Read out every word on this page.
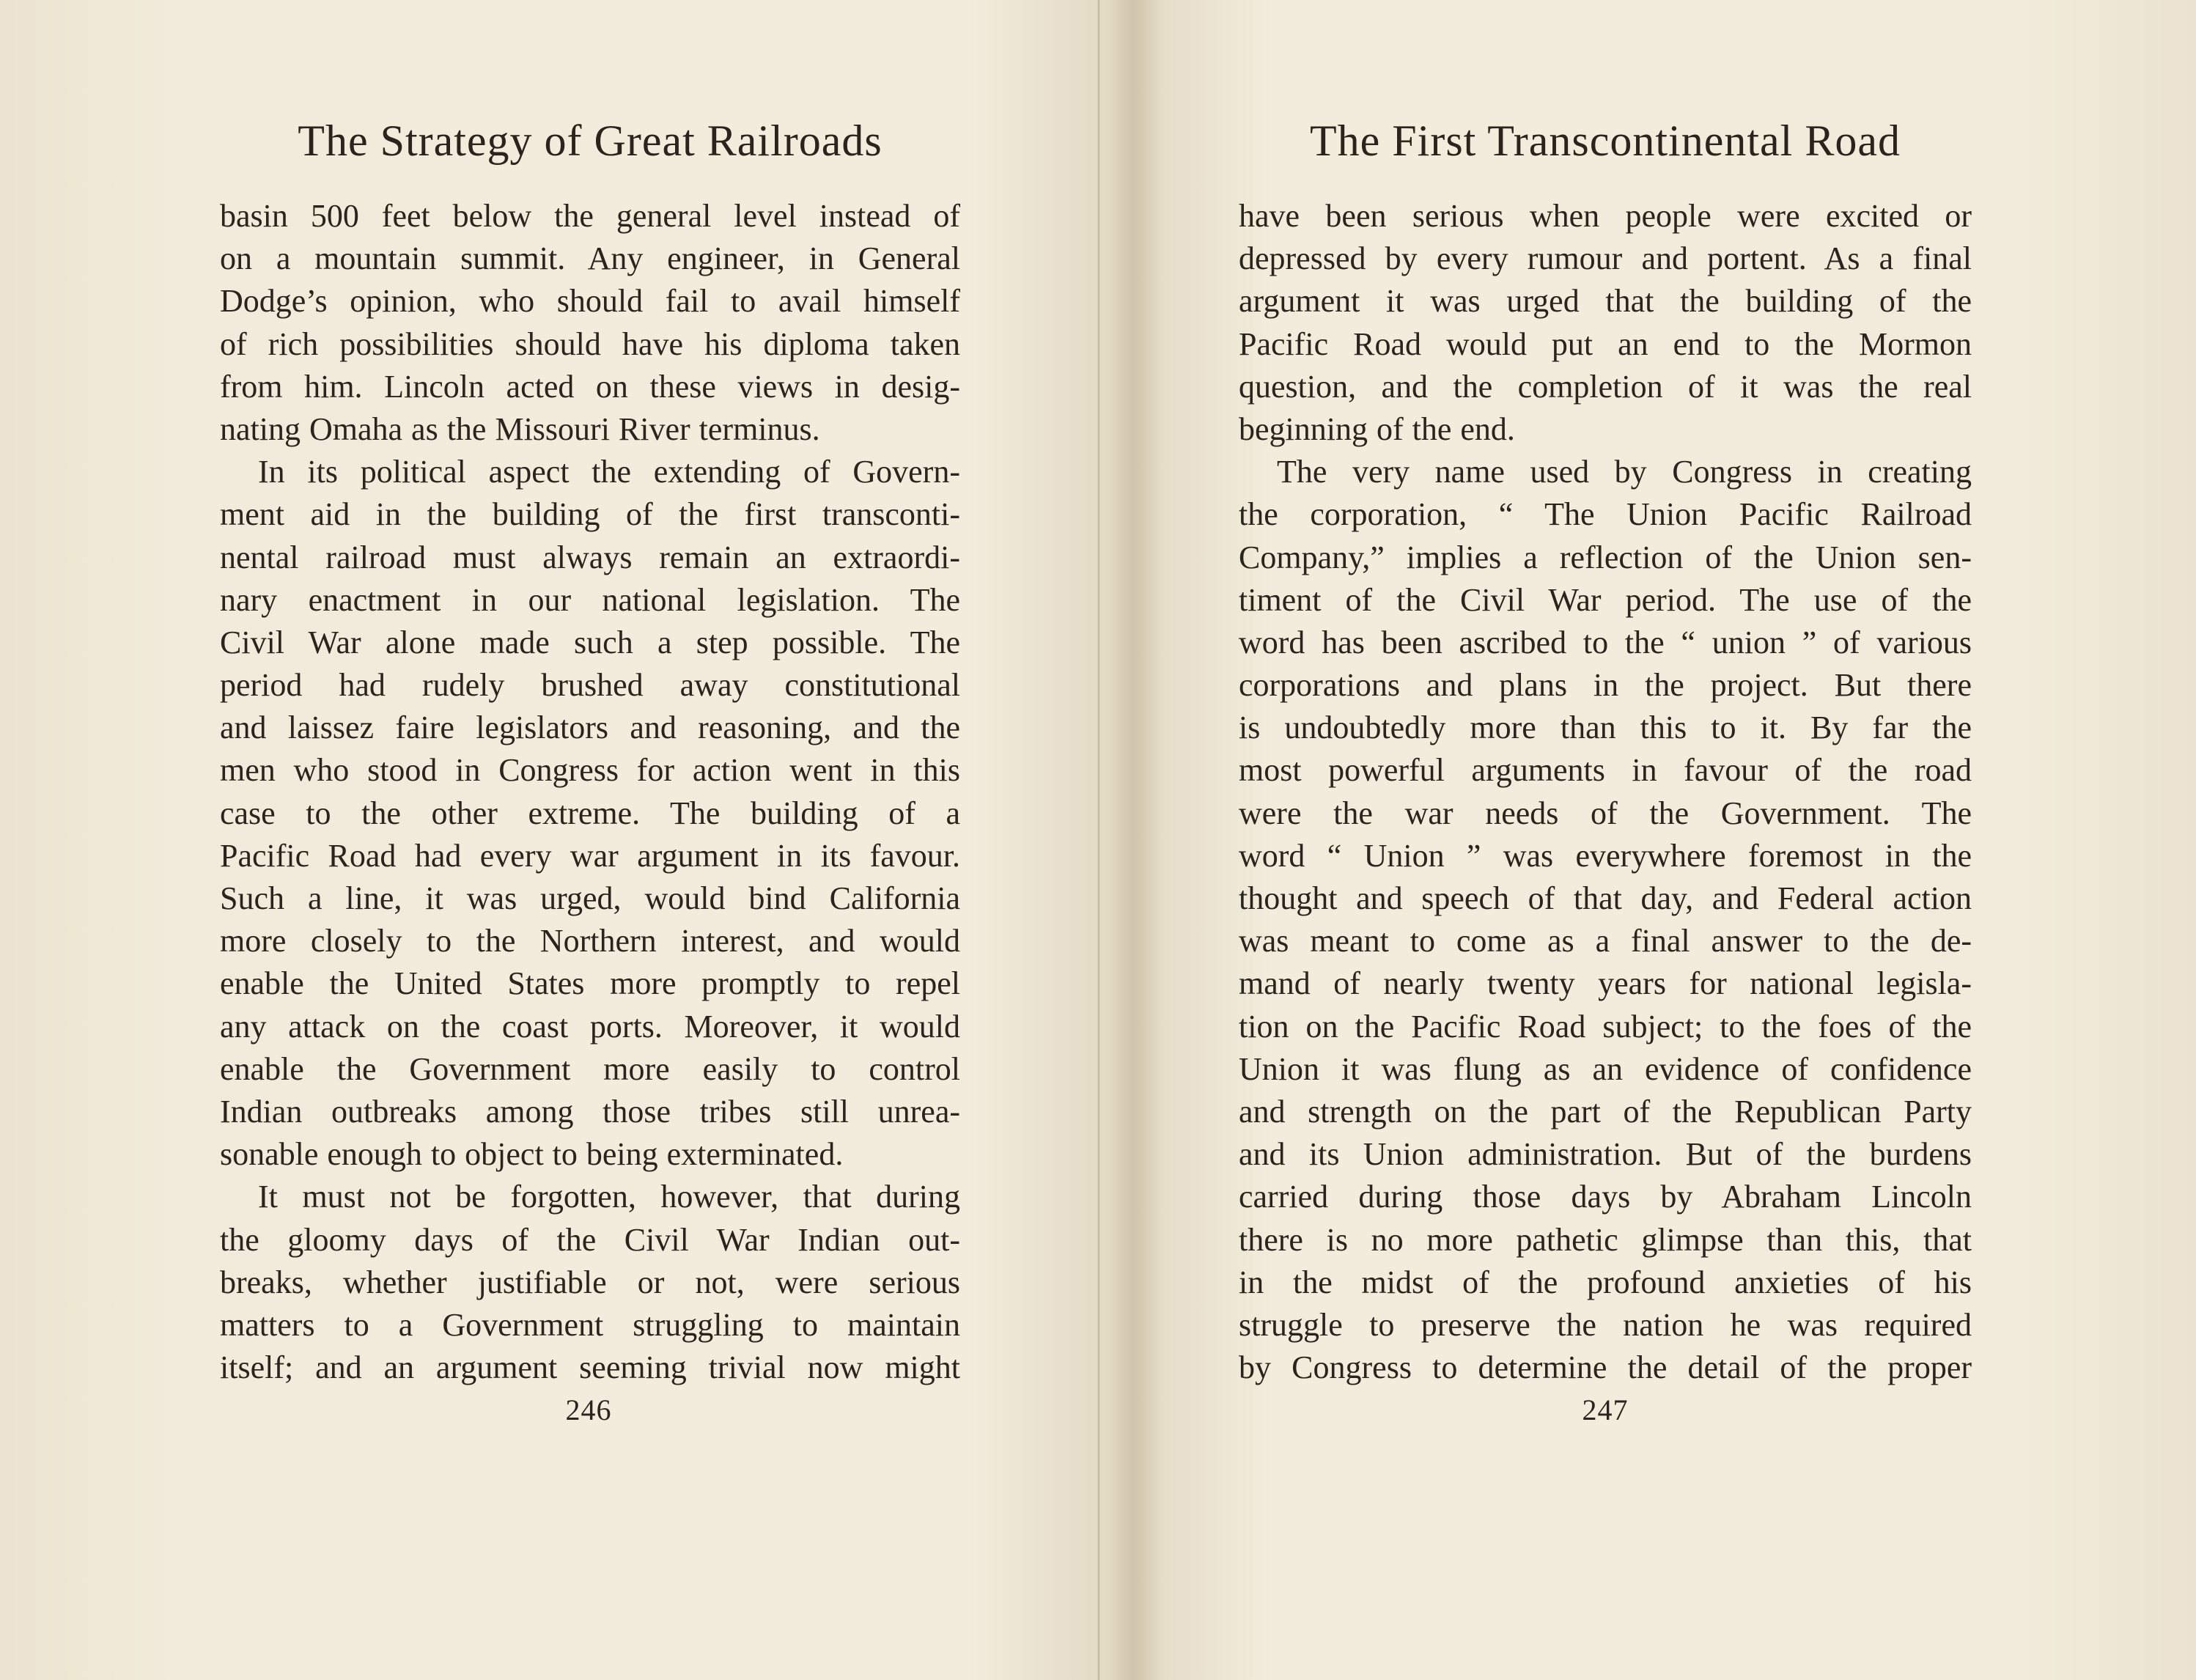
The Strategy of Great Railroads
basin 500 feet below the general level instead of
on a mountain summit. Any engineer, in General
Dodge’s opinion, who should fail to avail himself
of rich possibilities should have his diploma taken
from him. Lincoln acted on these views in desig-
nating Omaha as the Missouri River terminus.
In its political aspect the extending of Govern-
ment aid in the building of the first transconti-
nental railroad must always remain an extraordi-
nary enactment in our national legislation. The
Civil War alone made such a step possible. The
period had rudely brushed away constitutional
and laissez faire legislators and reasoning, and the
men who stood in Congress for action went in this
case to the other extreme. The building of a
Pacific Road had every war argument in its favour.
Such a line, it was urged, would bind California
more closely to the Northern interest, and would
enable the United States more promptly to repel
any attack on the coast ports. Moreover, it would
enable the Government more easily to control
Indian outbreaks among those tribes still unrea-
sonable enough to object to being exterminated.
It must not be forgotten, however, that during
the gloomy days of the Civil War Indian out-
breaks, whether justifiable or not, were serious
matters to a Government struggling to maintain
itself; and an argument seeming trivial now might
246
The First Transcontinental Road
have been serious when people were excited or
depressed by every rumour and portent. As a final
argument it was urged that the building of the
Pacific Road would put an end to the Mormon
question, and the completion of it was the real
beginning of the end.
The very name used by Congress in creating
the corporation, “ The Union Pacific Railroad
Company,” implies a reflection of the Union sen-
timent of the Civil War period. The use of the
word has been ascribed to the “ union ” of various
corporations and plans in the project. But there
is undoubtedly more than this to it. By far the
most powerful arguments in favour of the road
were the war needs of the Government. The
word “ Union ” was everywhere foremost in the
thought and speech of that day, and Federal action
was meant to come as a final answer to the de-
mand of nearly twenty years for national legisla-
tion on the Pacific Road subject; to the foes of the
Union it was flung as an evidence of confidence
and strength on the part of the Republican Party
and its Union administration. But of the burdens
carried during those days by Abraham Lincoln
there is no more pathetic glimpse than this, that
in the midst of the profound anxieties of his
struggle to preserve the nation he was required
by Congress to determine the detail of the proper
247
